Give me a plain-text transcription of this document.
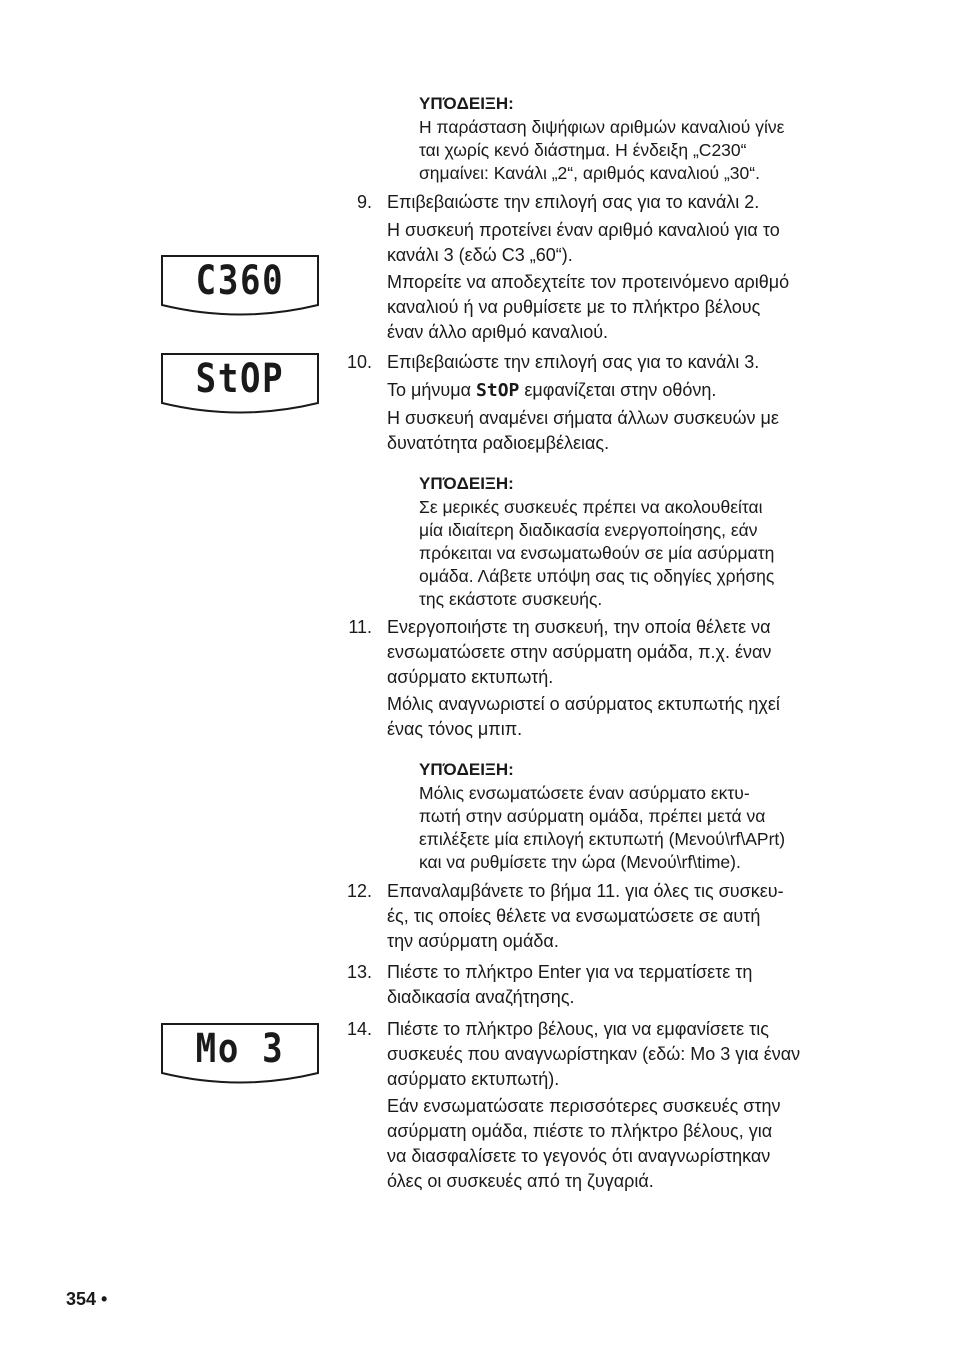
C360
StOP
Mo 3
ΥΠΌΔΕΙΞΗ:
Η παράσταση διψήφιων αριθμών καναλιού γίνε
ται χωρίς κενό διάστημα. Η ένδειξη „C230“
σημαίνει: Κανάλι „2“, αριθμός καναλιού „30“.
9. Επιβεβαιώστε την επιλογή σας για το κανάλι 2.
Η συσκευή προτείνει έναν αριθμό καναλιού για το
κανάλι 3 (εδώ C3 „60“).
Μπορείτε να αποδεχτείτε τον προτεινόμενο αριθμό
καναλιού ή να ρυθμίσετε με το πλήκτρο βέλους
έναν άλλο αριθμό καναλιού.
10. Επιβεβαιώστε την επιλογή σας για το κανάλι 3.
Το μήνυμα StOP εμφανίζεται στην οθόνη.
Η συσκευή αναμένει σήματα άλλων συσκευών με
δυνατότητα ραδιοεμβέλειας.
ΥΠΌΔΕΙΞΗ:
Σε μερικές συσκευές πρέπει να ακολουθείται
μία ιδιαίτερη διαδικασία ενεργοποίησης, εάν
πρόκειται να ενσωματωθούν σε μία ασύρματη
ομάδα. Λάβετε υπόψη σας τις οδηγίες χρήσης
της εκάστοτε συσκευής.
11. Ενεργοποιήστε τη συσκευή, την οποία θέλετε να
ενσωματώσετε στην ασύρματη ομάδα, π.χ. έναν
ασύρματο εκτυπωτή.
Μόλις αναγνωριστεί ο ασύρματος εκτυπωτής ηχεί
ένας τόνος μπιπ.
ΥΠΌΔΕΙΞΗ:
Μόλις ενσωματώσετε έναν ασύρματο εκτυ-
πωτή στην ασύρματη ομάδα, πρέπει μετά να
επιλέξετε μία επιλογή εκτυπωτή (Μενού\rf\APrt)
και να ρυθμίσετε την ώρα (Μενού\rf\time).
12. Επαναλαμβάνετε το βήμα 11. για όλες τις συσκευ-
ές, τις οποίες θέλετε να ενσωματώσετε σε αυτή
την ασύρματη ομάδα.
13. Πιέστε το πλήκτρο Enter για να τερματίσετε τη
διαδικασία αναζήτησης.
14. Πιέστε το πλήκτρο βέλους, για να εμφανίσετε τις
συσκευές που αναγνωρίστηκαν (εδώ: Mo 3 για έναν
ασύρματο εκτυπωτή).
Εάν ενσωματώσατε περισσότερες συσκευές στην
ασύρματη ομάδα, πιέστε το πλήκτρο βέλους, για
να διασφαλίσετε το γεγονός ότι αναγνωρίστηκαν
όλες οι συσκευές από τη ζυγαριά.
354 •
